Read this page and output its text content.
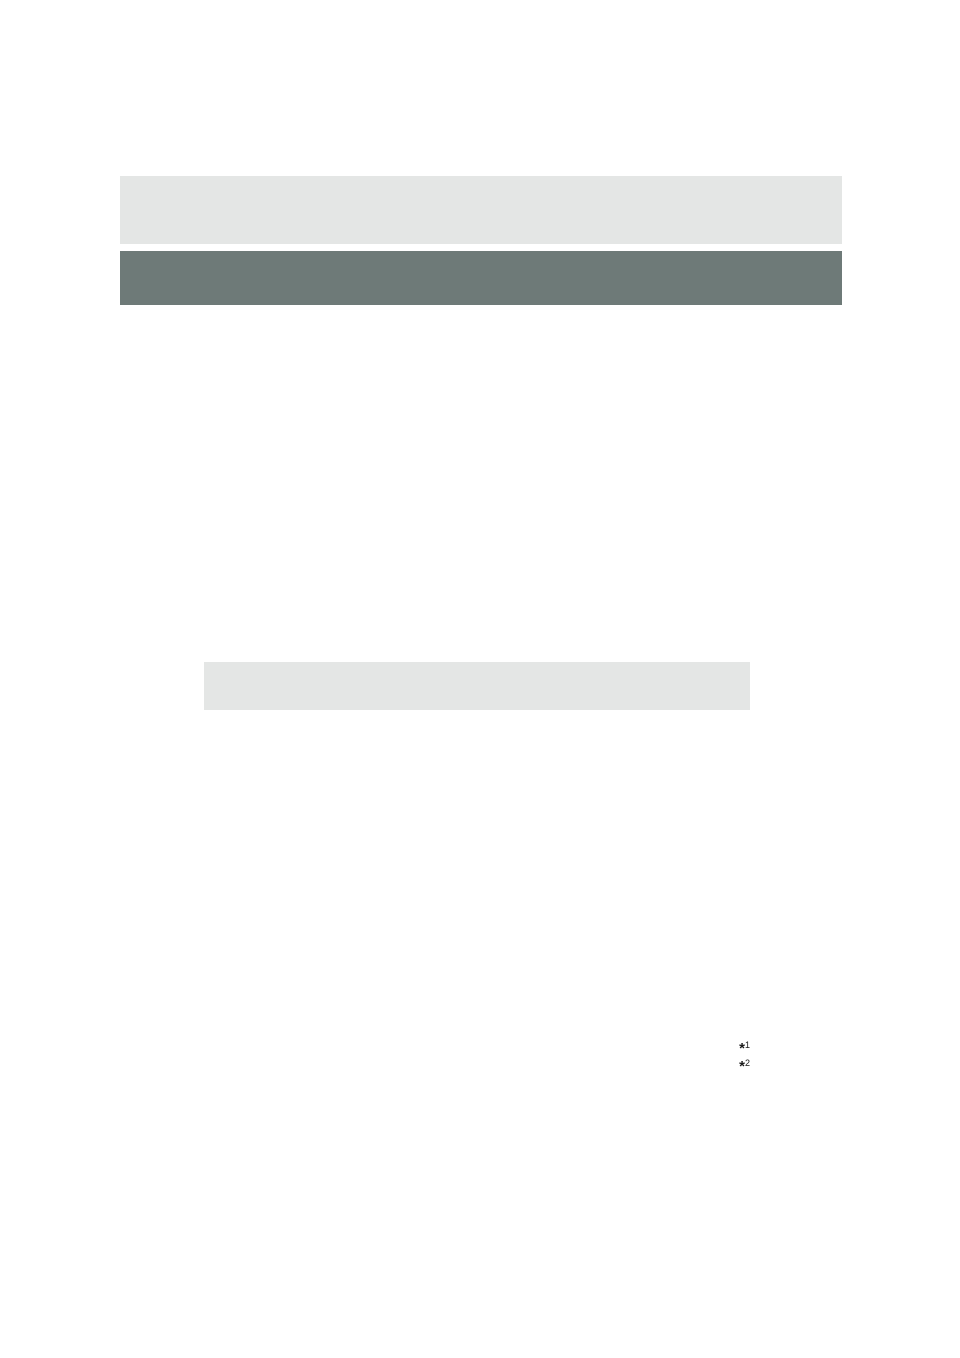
*$^1$
*$^2$
